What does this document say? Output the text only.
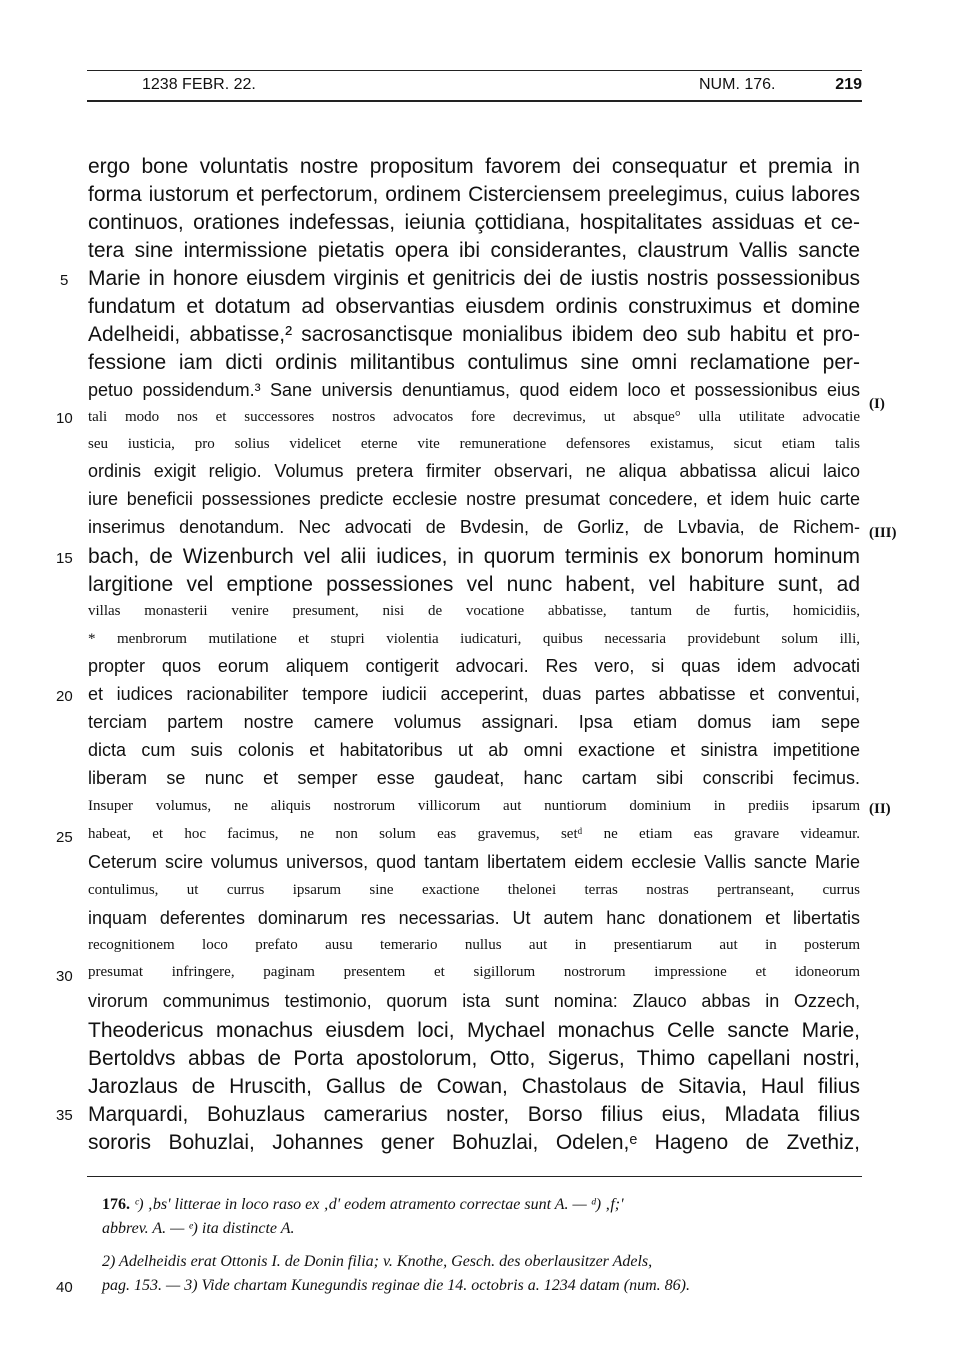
1238 FEBR. 22.	NUM. 176.	219
ergo bone voluntatis nostre propositum favorem dei consequatur et premia in
forma iustorum et perfectorum, ordinem Cisterciensem preelegimus, cuius labores
continuos, orationes indefessas, ieiunia çottidiana, hospitalitates assiduas et ce-
tera sine intermissione pietatis opera ibi considerantes, claustrum Vallis sancte
Marie in honore eiusdem virginis et genitricis dei de iustis nostris possessionibus
fundatum et dotatum ad observantias eiusdem ordinis construximus et domine
Adelheidi, abbatisse,² sacrosanctisque monialibus ibidem deo sub habitu et pro-
fessione iam dicti ordinis militantibus contulimus sine omni reclamatione per-
petuo possidendum.³ Sane universis denuntiamus, quod eidem loco et possessionibus eius
tali modo nos et successores nostros advocatos fore decrevimus, ut absque° ulla utilitate advocatie
seu iusticia, pro solius videlicet eterne vite remuneratione defensores existamus, sicut etiam talis
ordinis exigit religio. Volumus pretera firmiter observari, ne aliqua abbatissa alicui laico
iure beneficii possessiones predicte ecclesie nostre presumat concedere, et idem huic carte
inserimus denotandum. Nec advocati de Bvdesin, de Gorliz, de Lvbavia, de Richem-
bach, de Wizenburch vel alii iudices, in quorum terminis ex bonorum hominum
largitione vel emptione possessiones vel nunc habent, vel habiture sunt, ad
villas monasterii venire presument, nisi de vocatione abbatisse, tantum de furtis, homicidiis,
* menbrorum mutilatione et stupri violentia iudicaturi, quibus necessaria providebunt solum illi,
propter quos eorum aliquem contigerit advocari. Res vero, si quas idem advocati
et iudices racionabiliter tempore iudicii acceperint, duas partes abbatisse et conventui,
terciam partem nostre camere volumus assignari. Ipsa etiam domus iam sepe
dicta cum suis colonis et habitatoribus ut ab omni exactione et sinistra impetitione
liberam se nunc et semper esse gaudeat, hanc cartam sibi conscribi fecimus.
Insuper volumus, ne aliquis nostrorum villicorum aut nuntiorum dominium in prediis ipsarum
habeat, et hoc facimus, ne non solum eas gravemus, setᵈ ne etiam eas gravare videamur.
Ceterum scire volumus universos, quod tantam libertatem eidem ecclesie Vallis sancte Marie
contulimus, ut currus ipsarum sine exactione thelonei terras nostras pertranseant, currus
inquam deferentes dominarum res necessarias. Ut autem hanc donationem et libertatis
recognitionem loco prefato ausu temerario nullus aut in presentiarum aut in posterum
presumat infringere, paginam presentem et sigillorum nostrorum impressione et idoneorum
virorum communimus testimonio, quorum ista sunt nomina: Zlauco abbas in Ozzech,
Theodericus monachus eiusdem loci, Mychael monachus Celle sancte Marie,
Bertoldvs abbas de Porta apostolorum, Otto, Sigerus, Thimo capellani nostri,
Jarozlaus de Hruscith, Gallus de Cowan, Chastolaus de Sitavia, Haul filius
Marquardi, Bohuzlaus camerarius noster, Borso filius eius, Mladata filius
sororis Bohuzlai, Johannes gener Bohuzlai, Odelen,ᵉ Hageno de Zvethiz,
5
10
15
20
25
30
35
40
(I)
(III)
(II)
176. ᶜ) ‚bs' litterae in loco raso ex ‚d' eodem atramento correctae sunt A. — ᵈ) ‚f;'
abbrev. A. — ᵉ) ita distincte A.
2) Adelheidis erat Ottonis I. de Donin filia; v. Knothe, Gesch. des oberlausitzer Adels,
pag. 153. — 3) Vide chartam Kunegundis reginae die 14. octobris a. 1234 datam (num. 86).
